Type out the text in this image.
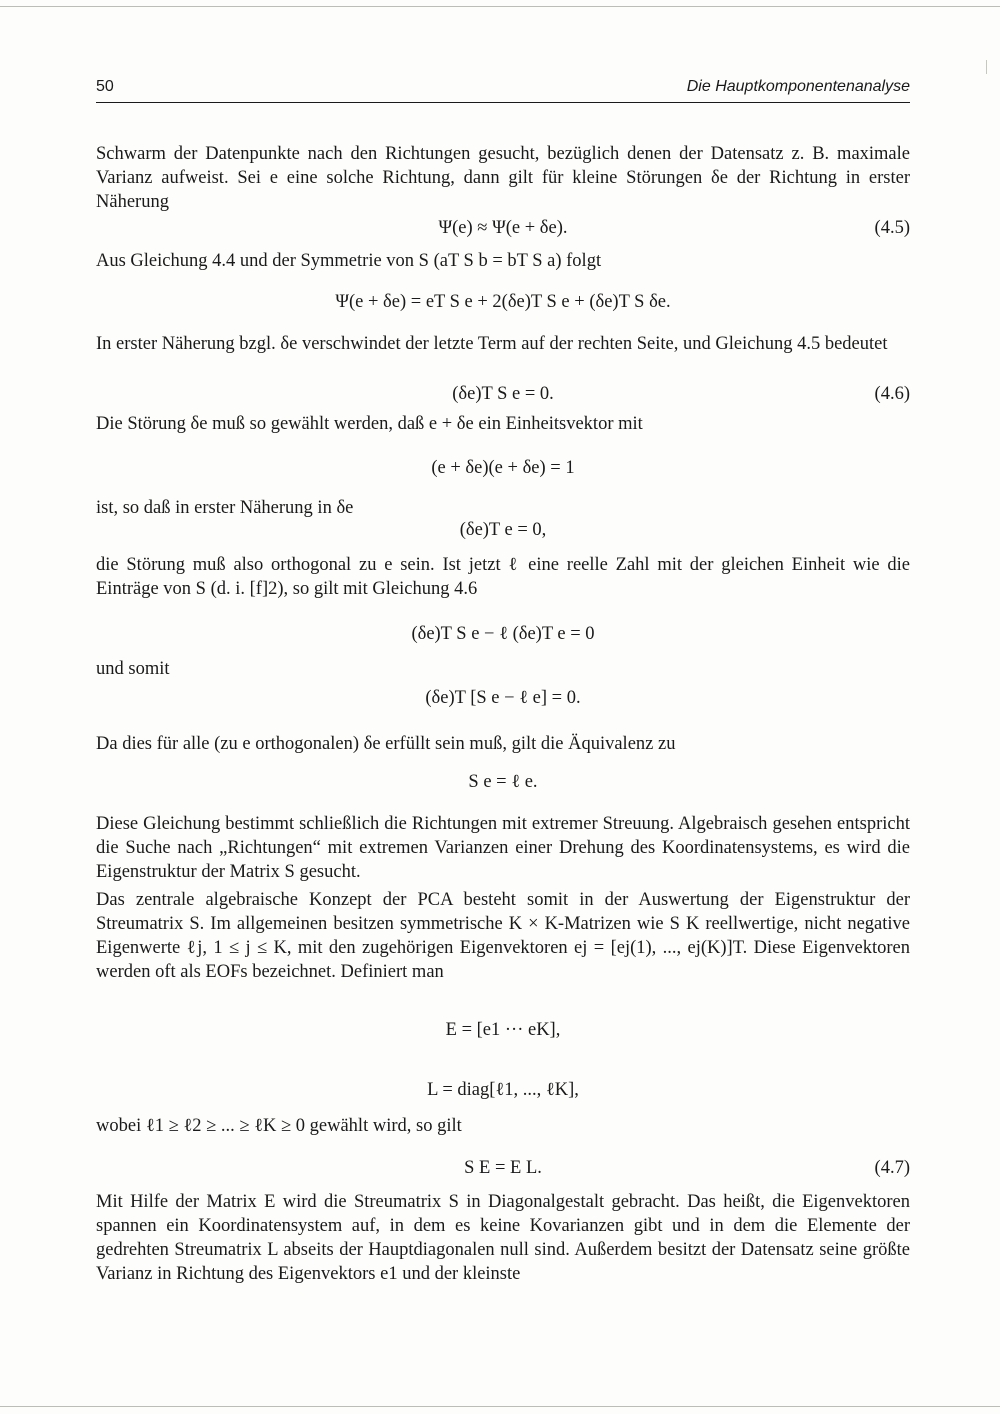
50	Die Hauptkomponentenanalyse
Schwarm der Datenpunkte nach den Richtungen gesucht, bezüglich denen der Datensatz z. B. maximale Varianz aufweist. Sei e eine solche Richtung, dann gilt für kleine Störungen δe der Richtung in erster Näherung
Ψ(e) ≈ Ψ(e + δe).	(4.5)
Aus Gleichung 4.4 und der Symmetrie von S (aT S b = bT S a) folgt
Ψ(e + δe) = eT S e + 2(δe)T S e + (δe)T S δe.
In erster Näherung bzgl. δe verschwindet der letzte Term auf der rechten Seite, und Gleichung 4.5 bedeutet
(δe)T S e = 0.	(4.6)
Die Störung δe muß so gewählt werden, daß e + δe ein Einheitsvektor mit
(e + δe)(e + δe) = 1
ist, so daß in erster Näherung in δe
(δe)T e = 0,
die Störung muß also orthogonal zu e sein. Ist jetzt ℓ eine reelle Zahl mit der gleichen Einheit wie die Einträge von S (d. i. [f]2), so gilt mit Gleichung 4.6
(δe)T S e − ℓ (δe)T e = 0
und somit
(δe)T [S e − ℓ e] = 0.
Da dies für alle (zu e orthogonalen) δe erfüllt sein muß, gilt die Äquivalenz zu
S e = ℓ e.
Diese Gleichung bestimmt schließlich die Richtungen mit extremer Streuung. Algebraisch gesehen entspricht die Suche nach „Richtungen“ mit extremen Varianzen einer Drehung des Koordinatensystems, es wird die Eigenstruktur der Matrix S gesucht.
Das zentrale algebraische Konzept der PCA besteht somit in der Auswertung der Eigenstruktur der Streumatrix S. Im allgemeinen besitzen symmetrische K × K-Matrizen wie S K reellwertige, nicht negative Eigenwerte ℓj, 1 ≤ j ≤ K, mit den zugehörigen Eigenvektoren ej = [ej(1), ..., ej(K)]T. Diese Eigenvektoren werden oft als EOFs bezeichnet. Definiert man
E = [e1 ··· eK],
L = diag[ℓ1, ..., ℓK],
wobei ℓ1 ≥ ℓ2 ≥ ... ≥ ℓK ≥ 0 gewählt wird, so gilt
S E = E L.	(4.7)
Mit Hilfe der Matrix E wird die Streumatrix S in Diagonalgestalt gebracht. Das heißt, die Eigenvektoren spannen ein Koordinatensystem auf, in dem es keine Kovarianzen gibt und in dem die Elemente der gedrehten Streumatrix L abseits der Hauptdiagonalen null sind. Außerdem besitzt der Datensatz seine größte Varianz in Richtung des Eigenvektors e1 und der kleinste
